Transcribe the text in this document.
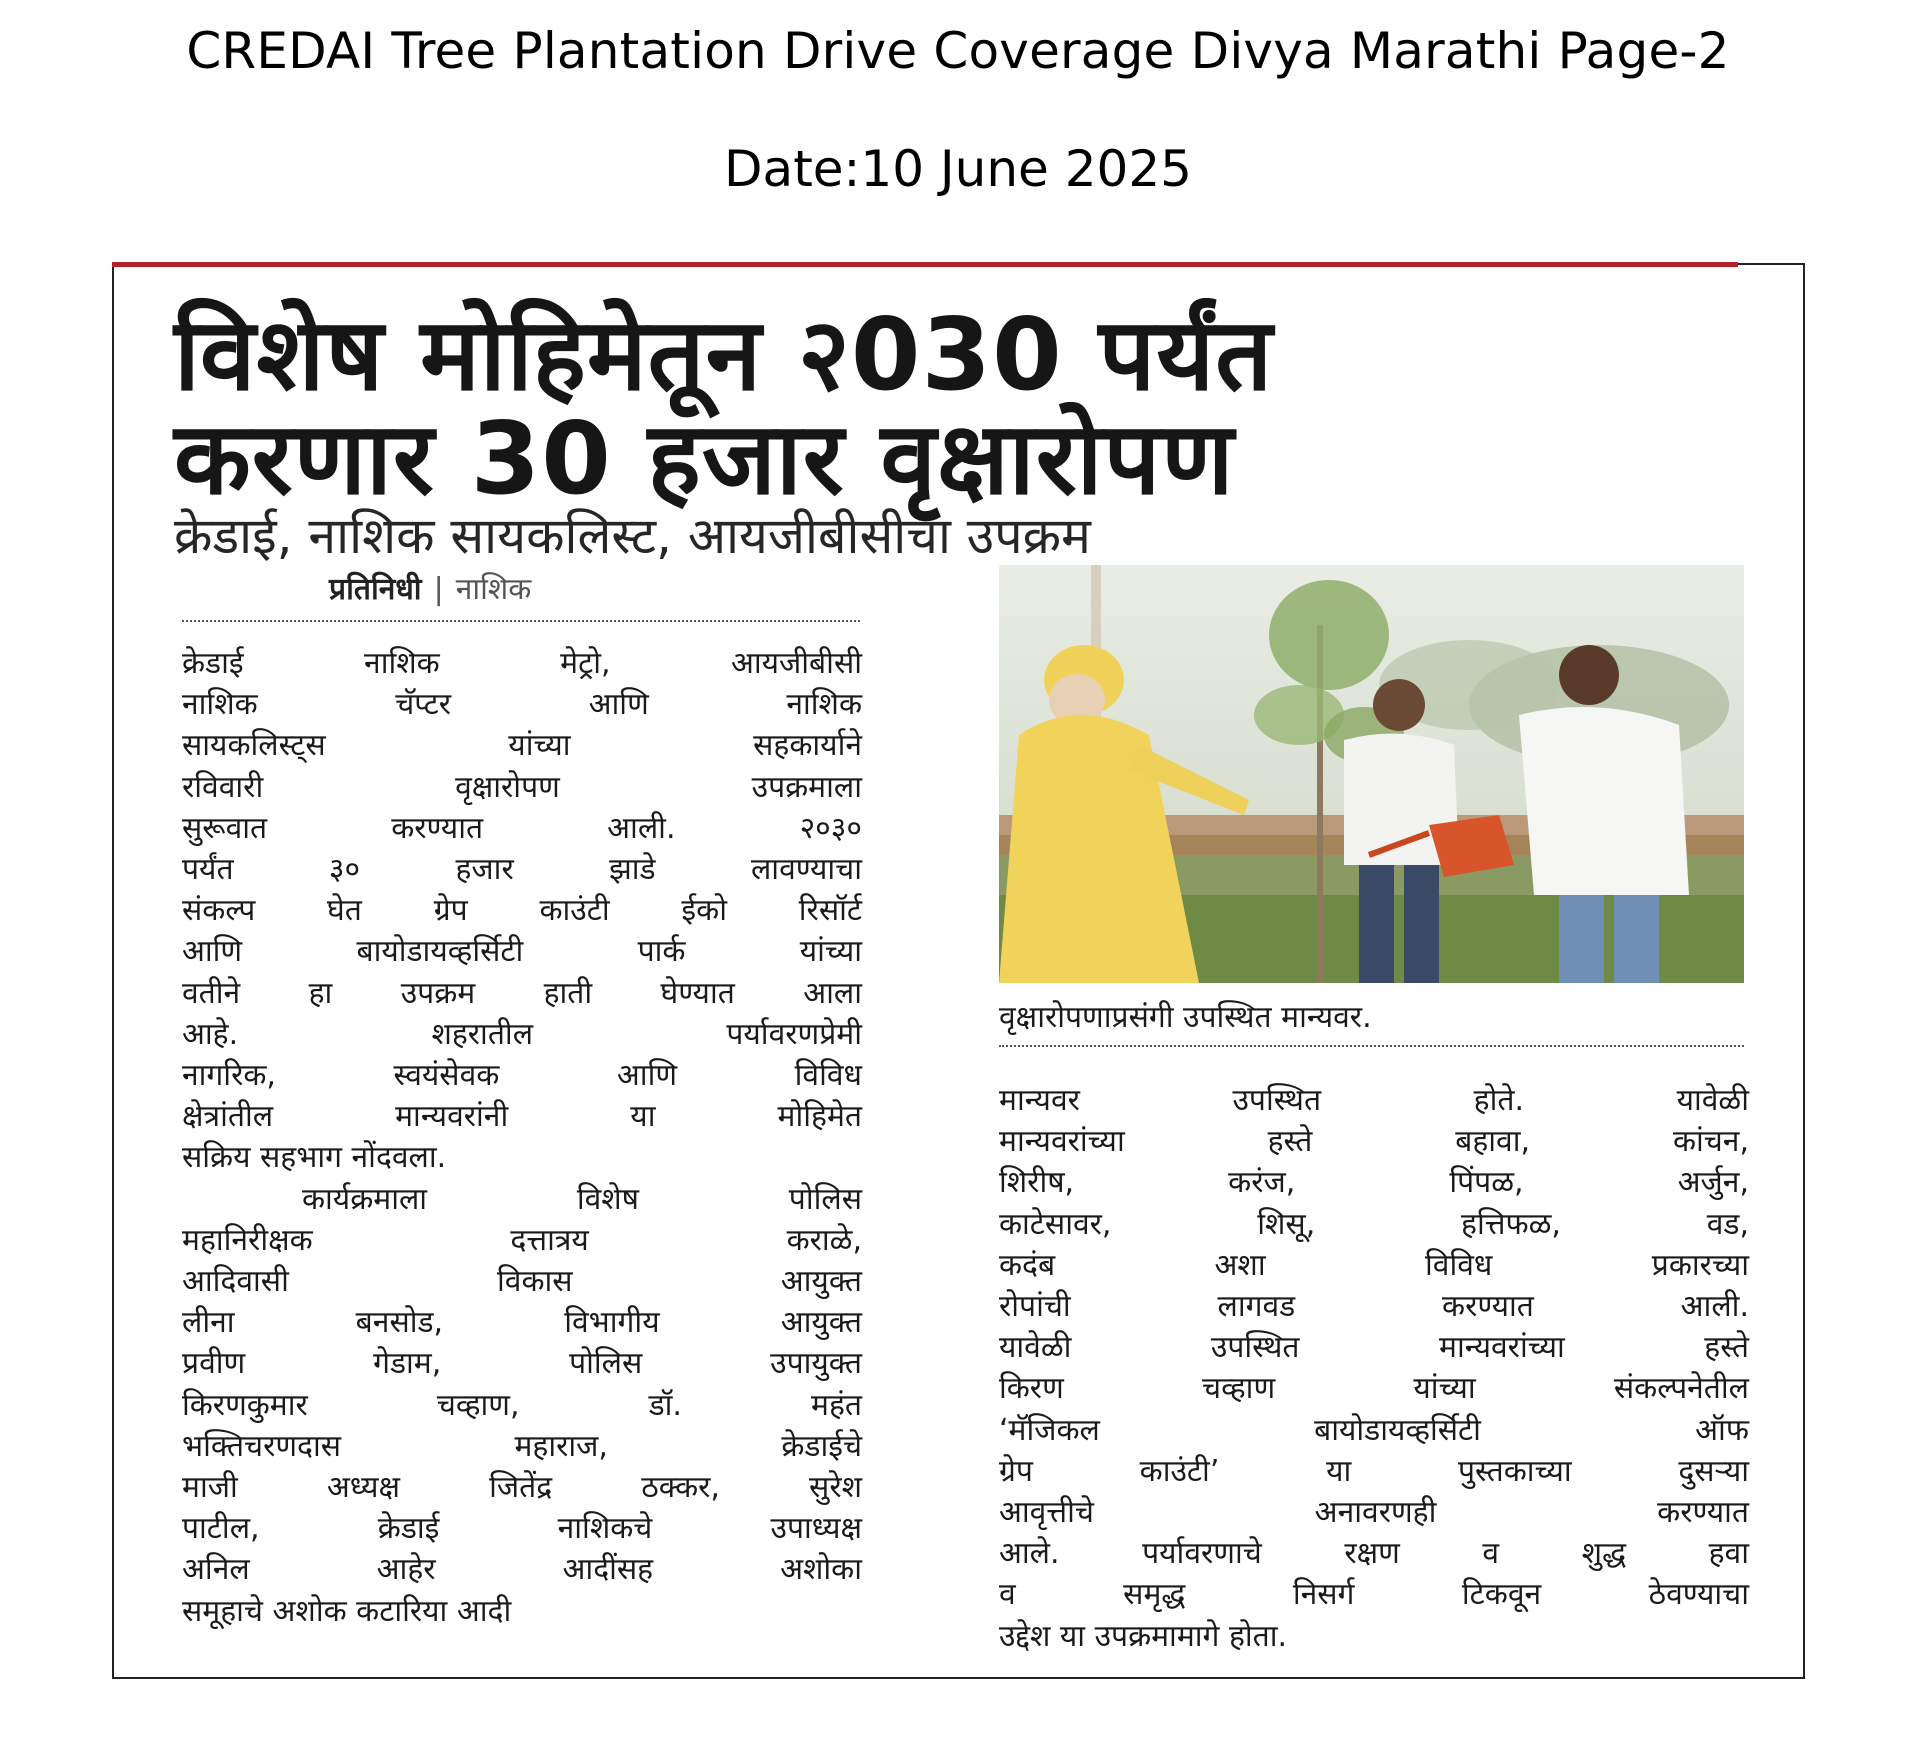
CREDAI Tree Plantation Drive Coverage Divya Marathi Page-2
Date:10 June 2025
विशेष मोहिमेतून २030 पर्यंत
करणार 30 हजार वृक्षारोपण
क्रेडाई, नाशिक सायकलिस्ट, आयजीबीसीचा उपक्रम
प्रतिनिधी | नाशिक
क्रेडाई नाशिक मेट्रो, आयजीबीसी
नाशिक चॅप्टर आणि नाशिक
सायकलिस्ट्स यांच्या सहकार्याने
रविवारी वृक्षारोपण उपक्रमाला
सुरूवात करण्यात आली. २०३०
पर्यंत ३० हजार झाडे लावण्याचा
संकल्प घेत ग्रेप काउंटी ईको रिसॉर्ट
आणि बायोडायव्हर्सिटी पार्क यांच्या
वतीने हा उपक्रम हाती घेण्यात आला
आहे. शहरातील पर्यावरणप्रेमी
नागरिक, स्वयंसेवक आणि विविध
क्षेत्रांतील मान्यवरांनी या मोहिमेत
सक्रिय सहभाग नोंदवला.
कार्यक्रमाला विशेष पोलिस
महानिरीक्षक दत्तात्रय कराळे,
आदिवासी विकास आयुक्त
लीना बनसोड, विभागीय आयुक्त
प्रवीण गेडाम, पोलिस उपायुक्त
किरणकुमार चव्हाण, डॉ. महंत
भक्तिचरणदास महाराज, क्रेडाईचे
माजी अध्यक्ष जितेंद्र ठक्कर, सुरेश
पाटील, क्रेडाई नाशिकचे उपाध्यक्ष
अनिल आहेर आदींसह अशोका
समूहाचे अशोक कटारिया आदी
वृक्षारोपणाप्रसंगी उपस्थित मान्यवर.
मान्यवर उपस्थित होते. यावेळी
मान्यवरांच्या हस्ते बहावा, कांचन,
शिरीष, करंज, पिंपळ, अर्जुन,
काटेसावर, शिसू, हत्तिफळ, वड,
कदंब अशा विविध प्रकारच्या
रोपांची लागवड करण्यात आली.
यावेळी उपस्थित मान्यवरांच्या हस्ते
किरण चव्हाण यांच्या संकल्पनेतील
‘मॅजिकल बायोडायव्हर्सिटी ऑफ
ग्रेप काउंटी’ या पुस्तकाच्या दुसऱ्या
आवृत्तीचे अनावरणही करण्यात
आले. पर्यावरणाचे रक्षण व शुद्ध हवा
व समृद्ध निसर्ग टिकवून ठेवण्याचा
उद्देश या उपक्रमामागे होता.
